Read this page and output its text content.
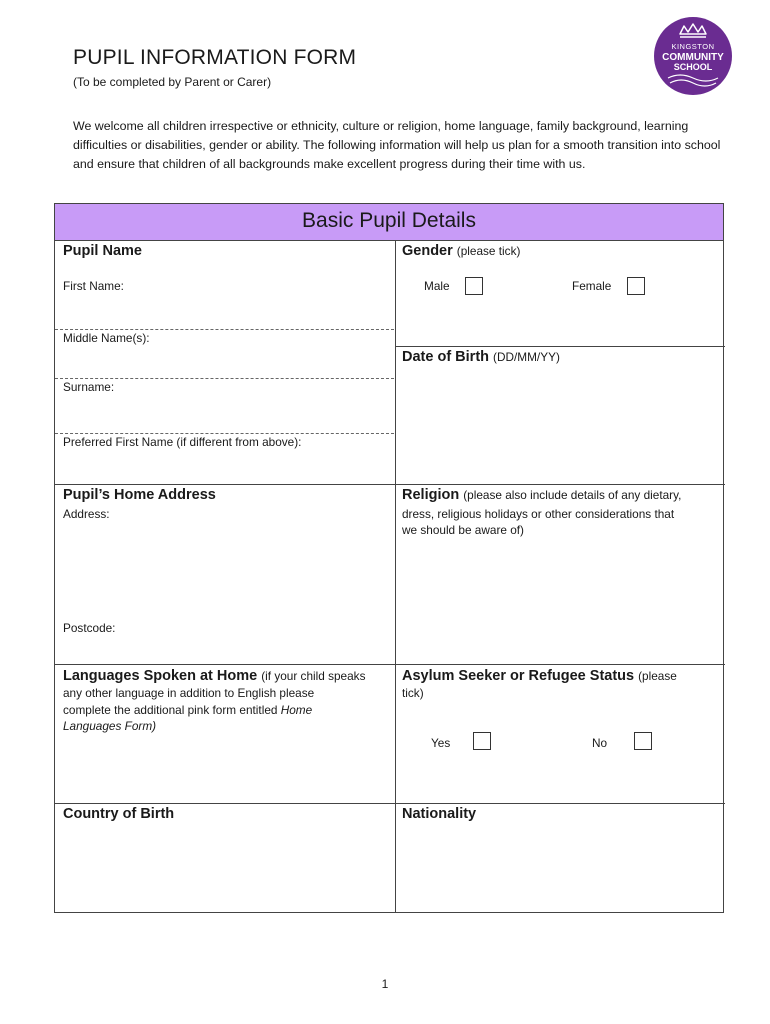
PUPIL INFORMATION FORM
(To be completed by Parent or Carer)
We welcome all children irrespective or ethnicity, culture or religion, home language, family background, learning difficulties or disabilities, gender or ability. The following information will help us plan for a smooth transition into school and ensure that children of all backgrounds make excellent progress during their time with us.
KINGSTON
COMMUNITY
SCHOOL
Basic Pupil Details
Pupil Name
First Name:
Middle Name(s):
Surname:
Preferred First Name (if different from above):
Gender (please tick)
Male	Female
Date of Birth (DD/MM/YY)
Pupil’s Home Address
Address:
Postcode:
Religion (please also include details of any dietary,
dress, religious holidays or other considerations that
we should be aware of)
Languages Spoken at Home (if your child speaks
any other language in addition to English please
complete the additional pink form entitled Home
Languages Form)
Asylum Seeker or Refugee Status (please
tick)
Yes	No
Country of Birth	Nationality
1
